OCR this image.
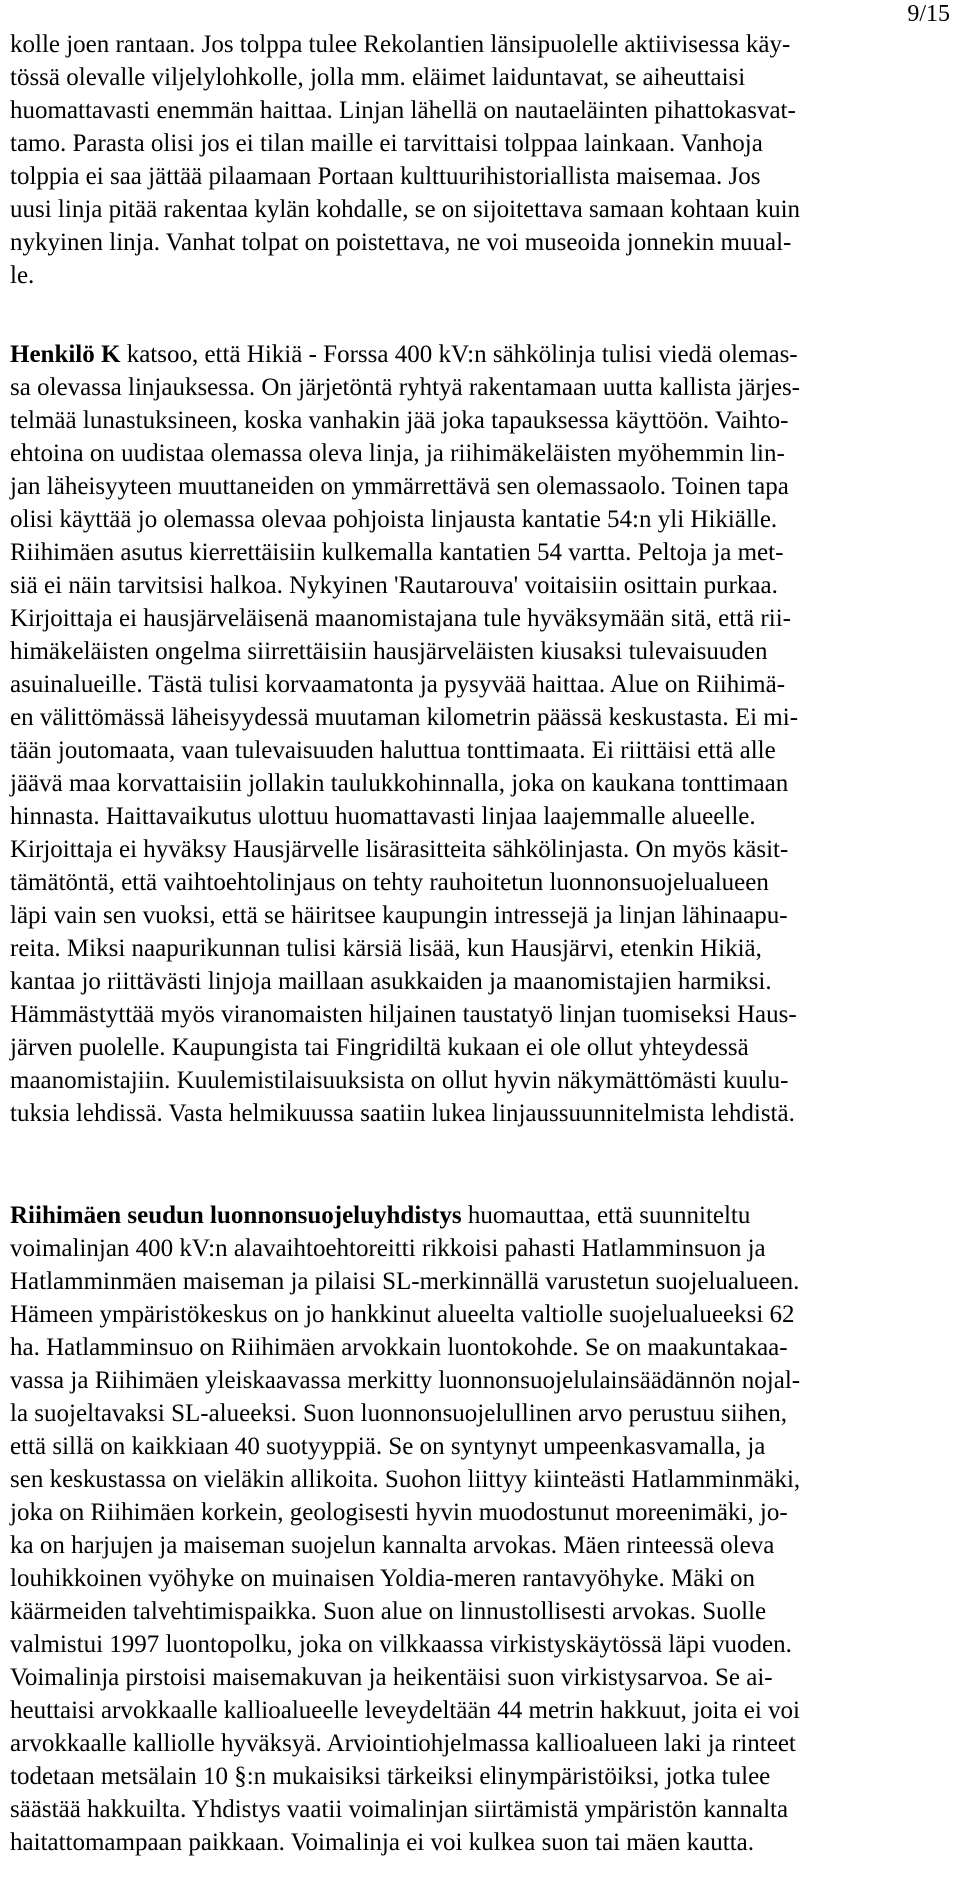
9/15
kolle joen rantaan. Jos tolppa tulee Rekolantien länsipuolelle aktiivisessa käy-
tössä olevalle viljelylohkolle, jolla mm. eläimet laiduntavat, se aiheuttaisi
huomattavasti enemmän haittaa. Linjan lähellä on nautaeläinten pihattokasvat-
tamo. Parasta olisi jos ei tilan maille ei tarvittaisi tolppaa lainkaan. Vanhoja
tolppia ei saa jättää pilaamaan Portaan kulttuurihistoriallista maisemaa. Jos
uusi linja pitää rakentaa kylän kohdalle, se on sijoitettava samaan kohtaan kuin
nykyinen linja. Vanhat tolpat on poistettava, ne voi museoida jonnekin muual-
le.
Henkilö K katsoo, että Hikiä - Forssa 400 kV:n sähkölinja tulisi viedä olemas-
sa olevassa linjauksessa. On järjetöntä ryhtyä rakentamaan uutta kallista järjes-
telmää lunastuksineen, koska vanhakin jää joka tapauksessa käyttöön. Vaihto-
ehtoina on uudistaa olemassa oleva linja, ja riihimäkeläisten myöhemmin lin-
jan läheisyyteen muuttaneiden on ymmärrettävä sen olemassaolo. Toinen tapa
olisi käyttää jo olemassa olevaa pohjoista linjausta kantatie 54:n yli Hikiälle.
Riihimäen asutus kierrettäisiin kulkemalla kantatien 54 vartta. Peltoja ja met-
siä ei näin tarvitsisi halkoa. Nykyinen 'Rautarouva' voitaisiin osittain purkaa.
Kirjoittaja ei hausjärveläisenä maanomistajana tule hyväksymään sitä, että rii-
himäkeläisten ongelma siirrettäisiin hausjärveläisten kiusaksi tulevaisuuden
asuinalueille. Tästä tulisi korvaamatonta ja pysyvää haittaa. Alue on Riihimä-
en välittömässä läheisyydessä muutaman kilometrin päässä keskustasta. Ei mi-
tään joutomaata, vaan tulevaisuuden haluttua tonttimaata. Ei riittäisi että alle
jäävä maa korvattaisiin jollakin taulukkohinnalla, joka on kaukana tonttimaan
hinnasta. Haittavaikutus ulottuu huomattavasti linjaa laajemmalle alueelle.
Kirjoittaja ei hyväksy Hausjärvelle lisärasitteita sähkölinjasta. On myös käsit-
tämätöntä, että vaihtoehtolinjaus on tehty rauhoitetun luonnonsuojelualueen
läpi vain sen vuoksi, että se häiritsee kaupungin intressejä ja linjan lähinaapu-
reita. Miksi naapurikunnan tulisi kärsiä lisää, kun Hausjärvi, etenkin Hikiä,
kantaa jo riittävästi linjoja maillaan asukkaiden ja maanomistajien harmiksi.
Hämmästyttää myös viranomaisten hiljainen taustatyö linjan tuomiseksi Haus-
järven puolelle. Kaupungista tai Fingridiltä kukaan ei ole ollut yhteydessä
maanomistajiin. Kuulemistilaisuuksista on ollut hyvin näkymättömästi kuulu-
tuksia lehdissä. Vasta helmikuussa saatiin lukea linjaussuunnitelmista lehdistä.
Riihimäen seudun luonnonsuojeluyhdistys huomauttaa, että suunniteltu
voimalinjan 400 kV:n alavaihtoehtoreitti rikkoisi pahasti Hatlamminsuon ja
Hatlamminmäen maiseman ja pilaisi SL-merkinnällä varustetun suojelualueen.
Hämeen ympäristökeskus on jo hankkinut alueelta valtiolle suojelualueeksi 62
ha. Hatlamminsuo on Riihimäen arvokkain luontokohde. Se on maakuntakaa-
vassa ja Riihimäen yleiskaavassa merkitty luonnonsuojelulainsäädännön nojal-
la suojeltavaksi SL-alueeksi. Suon luonnonsuojelullinen arvo perustuu siihen,
että sillä on kaikkiaan 40 suotyyppiä. Se on syntynyt umpeenkasvamalla, ja
sen keskustassa on vieläkin allikoita. Suohon liittyy kiinteästi Hatlamminmäki,
joka on Riihimäen korkein, geologisesti hyvin muodostunut moreenimäki, jo-
ka on harjujen ja maiseman suojelun kannalta arvokas. Mäen rinteessä oleva
louhikkoinen vyöhyke on muinaisen Yoldia-meren rantavyöhyke. Mäki on
käärmeiden talvehtimispaikka. Suon alue on linnustollisesti arvokas. Suolle
valmistui 1997 luontopolku, joka on vilkkaassa virkistyskäytössä läpi vuoden.
Voimalinja pirstoisi maisemakuvan ja heikentäisi suon virkistysarvoa. Se ai-
heuttaisi arvokkaalle kallioalueelle leveydeltään 44 metrin hakkuut, joita ei voi
arvokkaalle kalliolle hyväksyä. Arviointiohjelmassa kallioalueen laki ja rinteet
todetaan metsälain 10 §:n mukaisiksi tärkeiksi elinympäristöiksi, jotka tulee
säästää hakkuilta. Yhdistys vaatii voimalinjan siirtämistä ympäristön kannalta
haitattomampaan paikkaan. Voimalinja ei voi kulkea suon tai mäen kautta.
